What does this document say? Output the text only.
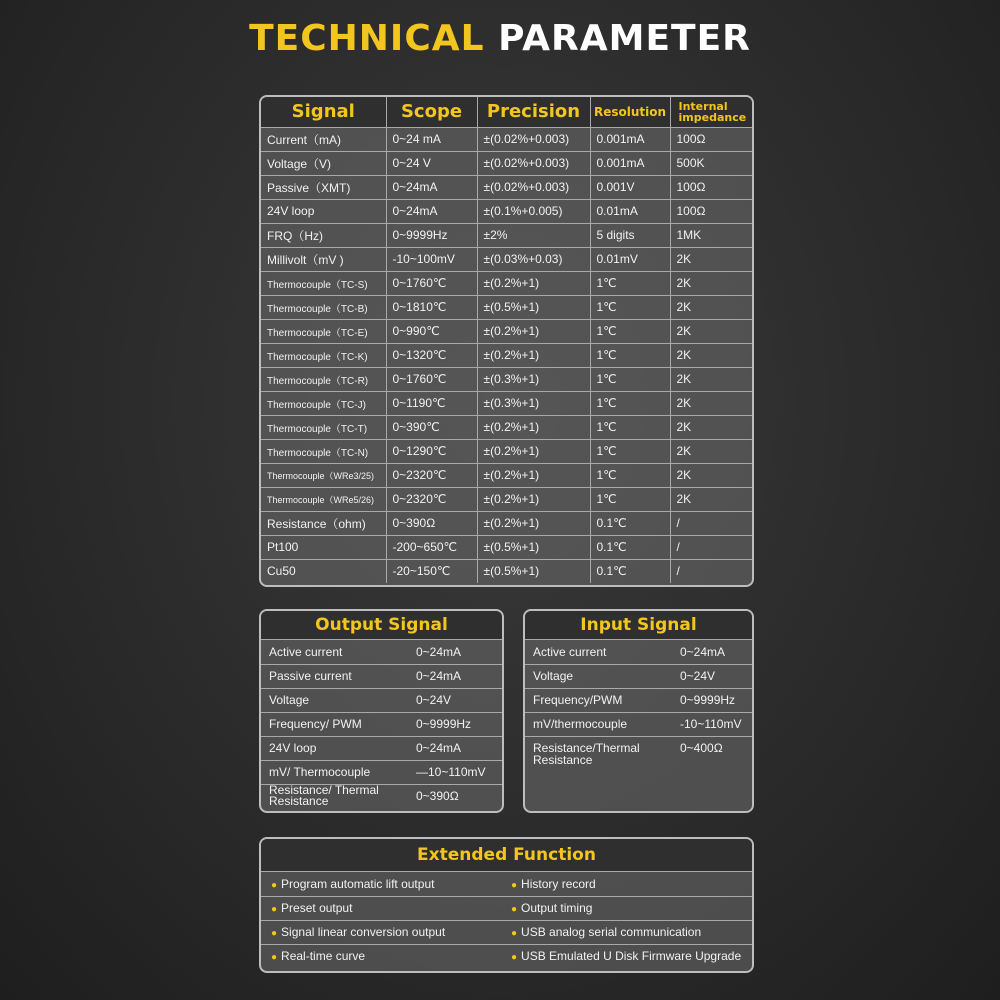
TECHNICAL PARAMETER
Signal	Scope	Precision	Resolution	Internal impedance
Current（mA)	0~24 mA	±(0.02%+0.003)	0.001mA	100Ω
Voltage（V)	0~24 V	±(0.02%+0.003)	0.001mA	500K
Passive（XMT)	0~24mA	±(0.02%+0.003)	0.001V	100Ω
24V loop	0~24mA	±(0.1%+0.005)	0.01mA	100Ω
FRQ（Hz)	0~9999Hz	±2%	5 digits	1MK
Millivolt（mV )	-10~100mV	±(0.03%+0.03)	0.01mV	2K
Thermocouple（TC-S)	0~1760℃	±(0.2%+1)	1℃	2K
Thermocouple（TC-B)	0~1810℃	±(0.5%+1)	1℃	2K
Thermocouple（TC-E)	0~990℃	±(0.2%+1)	1℃	2K
Thermocouple（TC-K)	0~1320℃	±(0.2%+1)	1℃	2K
Thermocouple（TC-R)	0~1760℃	±(0.3%+1)	1℃	2K
Thermocouple（TC-J)	0~1190℃	±(0.3%+1)	1℃	2K
Thermocouple（TC-T)	0~390℃	±(0.2%+1)	1℃	2K
Thermocouple（TC-N)	0~1290℃	±(0.2%+1)	1℃	2K
Thermocouple（WRe3/25)	0~2320℃	±(0.2%+1)	1℃	2K
Thermocouple（WRe5/26)	0~2320℃	±(0.2%+1)	1℃	2K
Resistance（ohm)	0~390Ω	±(0.2%+1)	0.1℃	/
Pt100	-200~650℃	±(0.5%+1)	0.1℃	/
Cu50	-20~150℃	±(0.5%+1)	0.1℃	/
Output Signal
Active current	0~24mA
Passive current	0~24mA
Voltage	0~24V
Frequency/ PWM	0~9999Hz
24V loop	0~24mA
mV/ Thermocouple	—10~110mV
Resistance/ Thermal Resistance	0~390Ω
Input Signal
Active current	0~24mA
Voltage	0~24V
Frequency/PWM	0~9999Hz
mV/thermocouple	-10~110mV
Resistance/Thermal Resistance	0~400Ω
Extended Function
● Program automatic lift output	● History record
● Preset output	● Output timing
● Signal linear conversion output	● USB analog serial communication
● Real-time curve	● USB Emulated U Disk Firmware Upgrade
